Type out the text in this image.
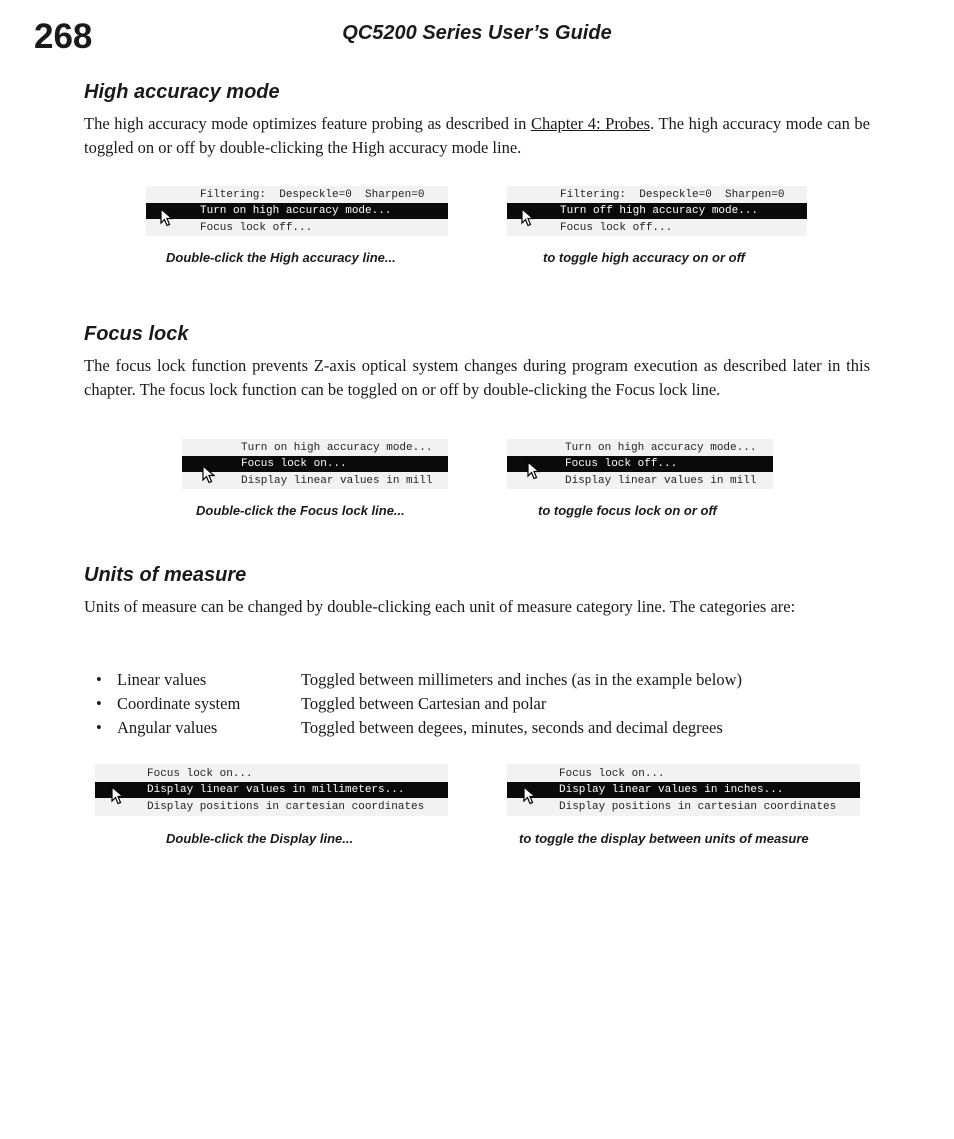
268	QC5200 Series User’s Guide
High accuracy mode
The high accuracy mode optimizes feature probing as described in Chapter 4: Probes. The high accuracy mode can be toggled on or off by double-clicking the High accuracy mode line.
Filtering:  Despeckle=0  Sharpen=0
Turn on high accuracy mode...
Focus lock off...
Filtering:  Despeckle=0  Sharpen=0
Turn off high accuracy mode...
Focus lock off...
Double-click the High accuracy line...	to toggle high accuracy on or off
Focus lock
The focus lock function prevents Z-axis optical system changes during program execution as described later in this chapter. The focus lock function can be toggled on or off by double-clicking the Focus lock line.
Turn on high accuracy mode...
Focus lock on...
Display linear values in mill
Turn on high accuracy mode...
Focus lock off...
Display linear values in mill
Double-click the Focus lock line...	to toggle focus lock on or off
Units of measure
Units of measure can be changed by double-clicking each unit of measure category line. The categories are:
• Linear values	Toggled between millimeters and inches (as in the example below)
• Coordinate system	Toggled between Cartesian and polar
• Angular values	Toggled between degees, minutes, seconds and decimal degrees
Focus lock on...
Display linear values in millimeters...
Display positions in cartesian coordinates
Focus lock on...
Display linear values in inches...
Display positions in cartesian coordinates
Double-click the Display line...	to toggle the display between units of measure
